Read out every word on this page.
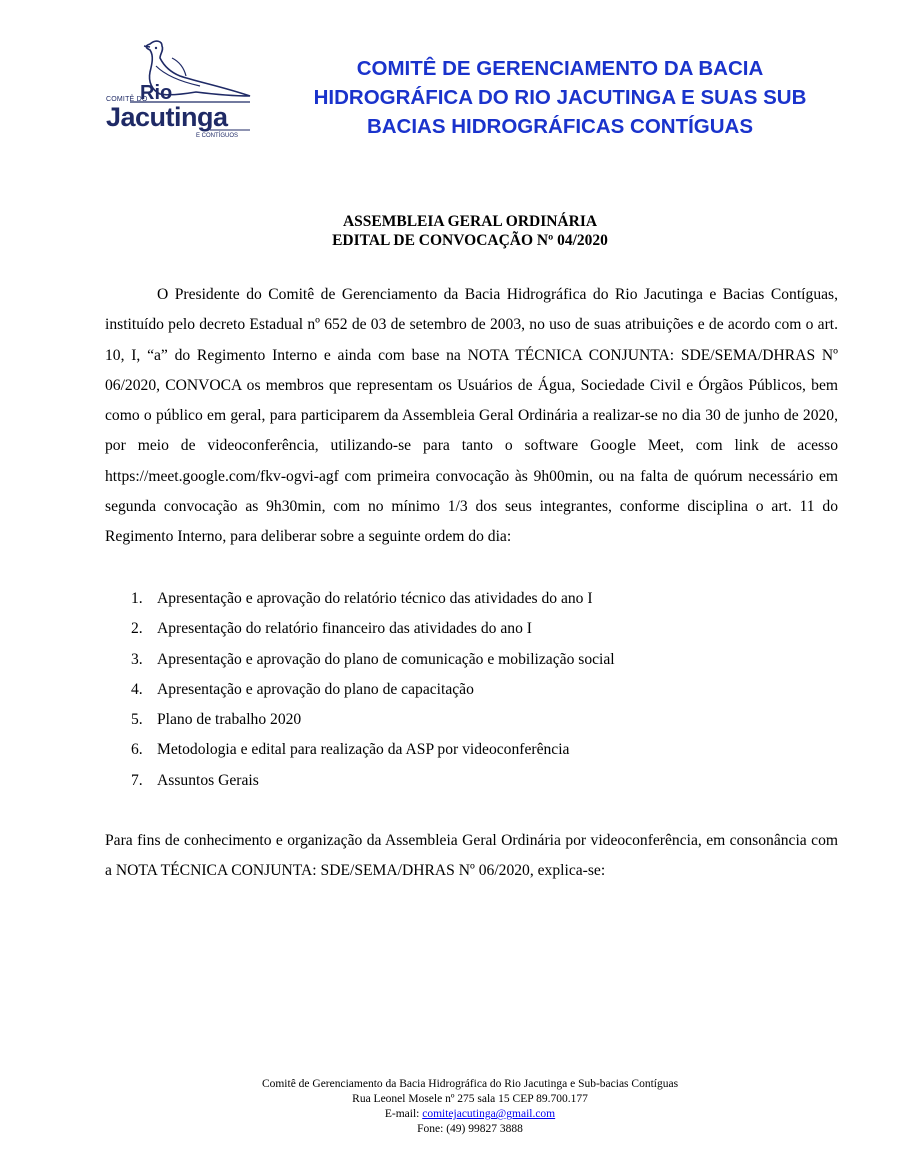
COMITÊ DO
Rio
Jacutinga
E CONTÍGUOS
COMITÊ DE GERENCIAMENTO DA BACIA
HIDROGRÁFICA DO RIO JACUTINGA E SUAS SUB
BACIAS HIDROGRÁFICAS CONTÍGUAS
ASSEMBLEIA GERAL ORDINÁRIA
EDITAL DE CONVOCAÇÃO Nº 04/2020

O Presidente do Comitê de Gerenciamento da Bacia Hidrográfica do Rio Jacutinga e Bacias Contíguas, instituído pelo decreto Estadual nº 652 de 03 de setembro de 2003, no uso de suas atribuições e de acordo com o art. 10, I, “a” do Regimento Interno e ainda com base na NOTA TÉCNICA CONJUNTA: SDE/SEMA/DHRAS Nº 06/2020, CONVOCA os membros que representam os Usuários de Água, Sociedade Civil e Órgãos Públicos, bem como o público em geral, para participarem da Assembleia Geral Ordinária a realizar-se no dia 30 de junho de 2020, por meio de videoconferência, utilizando-se para tanto o software Google Meet, com link de acesso https://meet.google.com/fkv-ogvi-agf com primeira convocação às 9h00min, ou na falta de quórum necessário em segunda convocação as 9h30min, com no mínimo 1/3 dos seus integrantes, conforme disciplina o art. 11 do Regimento Interno, para deliberar sobre a seguinte ordem do dia:

1. Apresentação e aprovação do relatório técnico das atividades do ano I
2. Apresentação do relatório financeiro das atividades do ano I
3. Apresentação e aprovação do plano de comunicação e mobilização social
4. Apresentação e aprovação do plano de capacitação
5. Plano de trabalho 2020
6. Metodologia e edital para realização da ASP por videoconferência
7. Assuntos Gerais

Para fins de conhecimento e organização da Assembleia Geral Ordinária por videoconferência, em consonância com a NOTA TÉCNICA CONJUNTA: SDE/SEMA/DHRAS Nº 06/2020, explica-se:

Comitê de Gerenciamento da Bacia Hidrográfica do Rio Jacutinga e Sub-bacias Contíguas
Rua Leonel Mosele nº 275 sala 15 CEP 89.700.177
E-mail: comitejacutinga@gmail.com
Fone: (49) 99827 3888
